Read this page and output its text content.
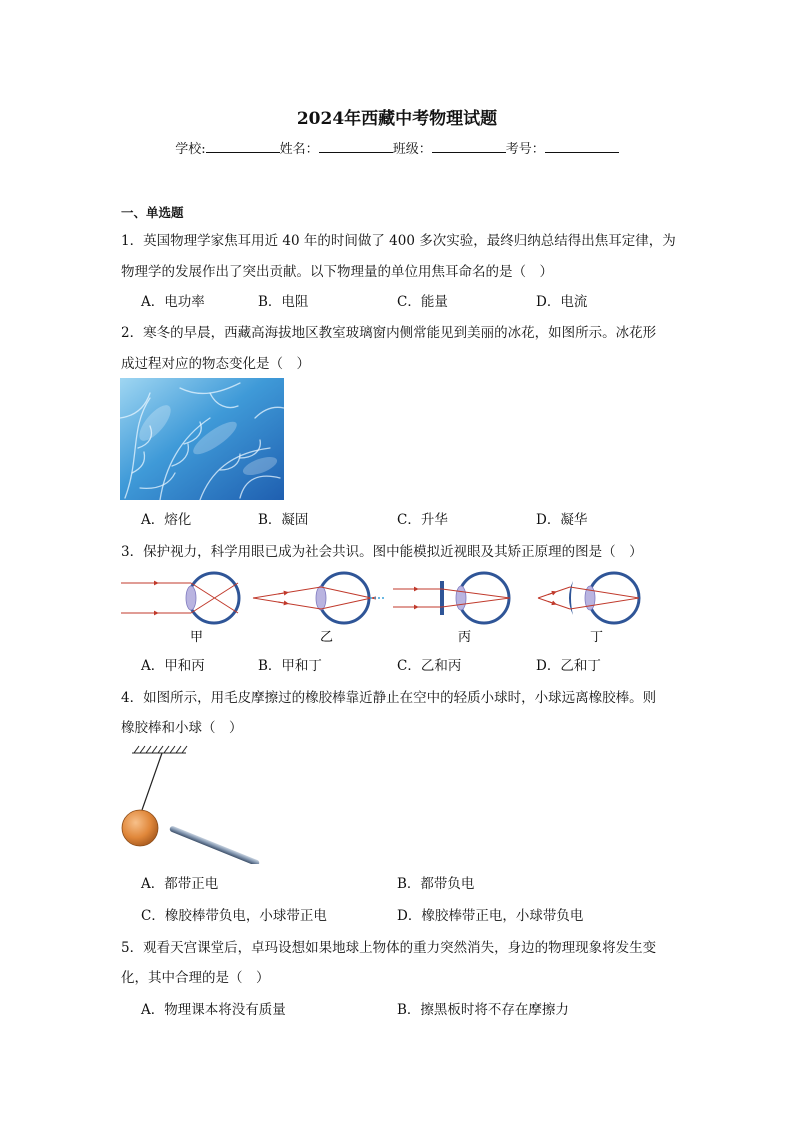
2024年西藏中考物理试题
学校:	姓名：	班级：	考号：
一、单选题
1．英国物理学家焦耳用近 40 年的时间做了 400 多次实验，最终归纳总结得出焦耳定律，为
物理学的发展作出了突出贡献。以下物理量的单位用焦耳命名的是（　）
A．电功率	B．电阻	C．能量	D．电流
2．寒冬的早晨，西藏高海拔地区教室玻璃窗内侧常能见到美丽的冰花，如图所示。冰花形
成过程对应的物态变化是（　）
A．熔化	B．凝固	C．升华	D．凝华
3．保护视力，科学用眼已成为社会共识。图中能模拟近视眼及其矫正原理的图是（　）
甲	乙	丙	丁
A．甲和丙	B．甲和丁	C．乙和丙	D．乙和丁
4．如图所示，用毛皮摩擦过的橡胶棒靠近静止在空中的轻质小球时，小球远离橡胶棒。则
橡胶棒和小球（　）
A．都带正电	B．都带负电
C．橡胶棒带负电，小球带正电	D．橡胶棒带正电，小球带负电
5．观看天宫课堂后，卓玛设想如果地球上物体的重力突然消失，身边的物理现象将发生变
化，其中合理的是（　）
A．物理课本将没有质量	B．擦黑板时将不存在摩擦力
